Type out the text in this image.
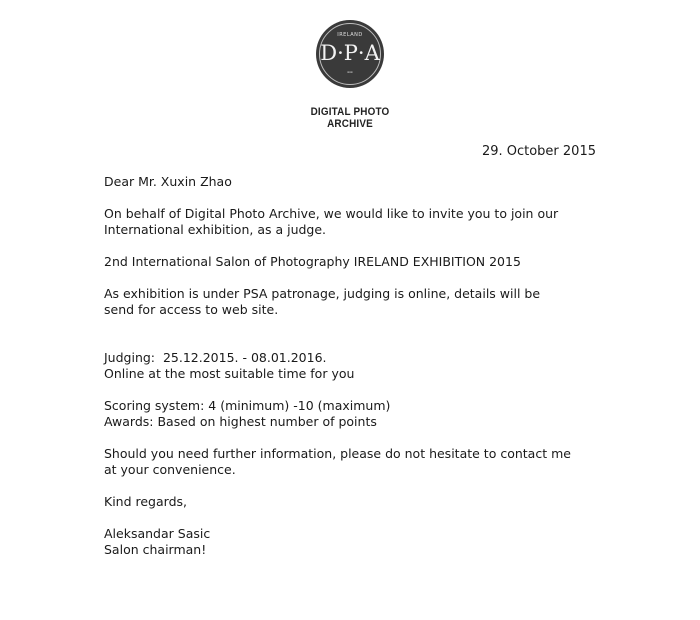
IRELAND
D·P·A
▬▬
DIGITAL PHOTO ARCHIVE
29. October 2015

Dear Mr. Xuxin Zhao

On behalf of Digital Photo Archive, we would like to invite you to join our

International exhibition, as a judge.

2nd International Salon of Photography IRELAND EXHIBITION 2015

As exhibition is under PSA patronage, judging is online, details will be

send for access to web site.

Judging:  25.12.2015. - 08.01.2016.

Online at the most suitable time for you

Scoring system: 4 (minimum) -10 (maximum)

Awards: Based on highest number of points

Should you need further information, please do not hesitate to contact me

at your convenience.

Kind regards,

Aleksandar Sasic

Salon chairman!
